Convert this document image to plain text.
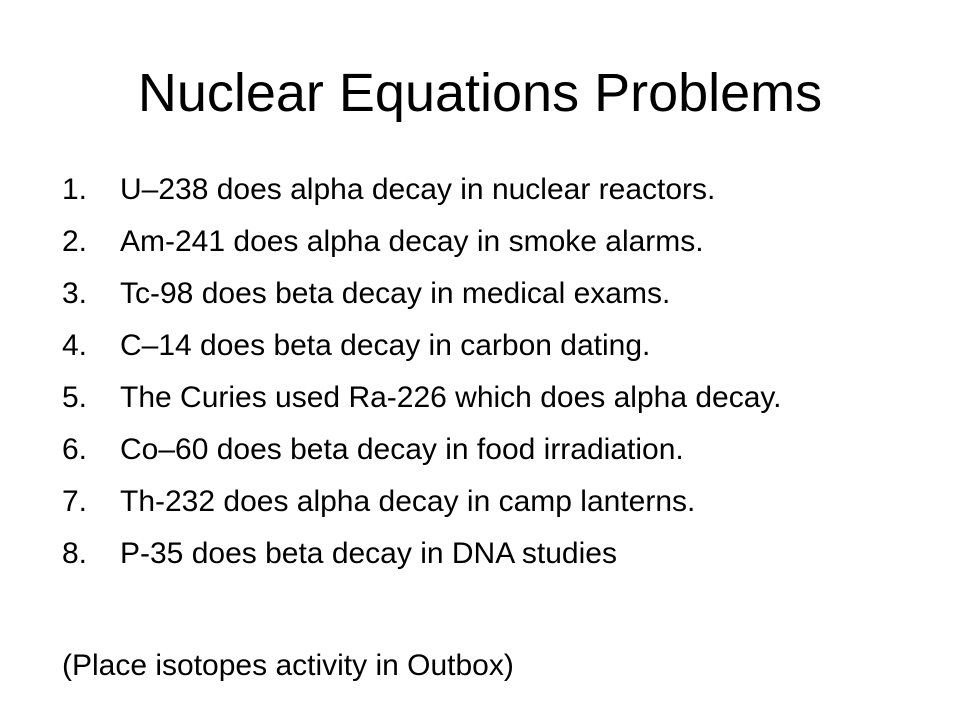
Nuclear Equations Problems
1.	U–238 does alpha decay in nuclear reactors.
2.	Am-241 does alpha decay in smoke alarms.
3.	Tc-98 does beta decay in medical exams.
4.	C–14 does beta decay in carbon dating.
5.	The Curies used Ra-226 which does alpha decay.
6.	Co–60 does beta decay in food irradiation.
7.	Th-232 does alpha decay in camp lanterns.
8.	P-35 does beta decay in DNA studies
(Place isotopes activity in Outbox)
